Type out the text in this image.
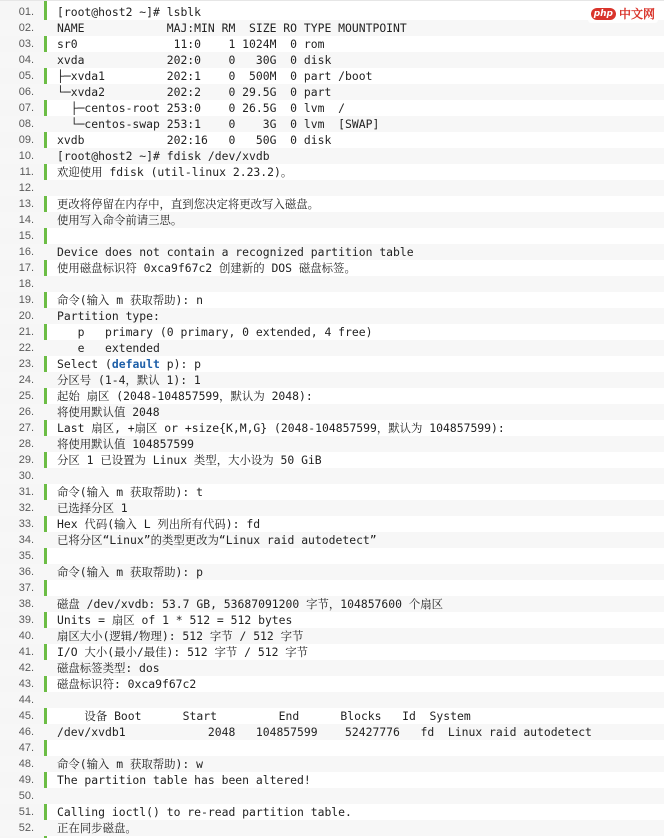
01.	[root@host2 ~]# lsblk
02.	NAME            MAJ:MIN RM  SIZE RO TYPE MOUNTPOINT
03.	sr0              11:0    1 1024M  0 rom
04.	xvda            202:0    0   30G  0 disk
05.	├─xvda1         202:1    0  500M  0 part /boot
06.	└─xvda2         202:2    0 29.5G  0 part
07.	├─centos-root 253:0    0 26.5G  0 lvm  /
08.	└─centos-swap 253:1    0    3G  0 lvm  [SWAP]
09.	xvdb            202:16   0   50G  0 disk
10.	[root@host2 ~]# fdisk /dev/xvdb
11.	欢迎使用 fdisk (util-linux 2.23.2)。
12.
13.	更改将停留在内存中，直到您决定将更改写入磁盘。
14.	使用写入命令前请三思。
15.
16.	Device does not contain a recognized partition table
17.	使用磁盘标识符 0xca9f67c2 创建新的 DOS 磁盘标签。
18.
19.	命令(输入 m 获取帮助): n
20.	Partition type:
21.	p   primary (0 primary, 0 extended, 4 free)
22.	e   extended
23.	Select (default p): p
24.	分区号 (1-4，默认 1): 1
25.	起始 扇区 (2048-104857599，默认为 2048):
26.	将使用默认值 2048
27.	Last 扇区, +扇区 or +size{K,M,G} (2048-104857599，默认为 104857599):
28.	将使用默认值 104857599
29.	分区 1 已设置为 Linux 类型，大小设为 50 GiB
30.
31.	命令(输入 m 获取帮助): t
32.	已选择分区 1
33.	Hex 代码(输入 L 列出所有代码): fd
34.	已将分区“Linux”的类型更改为“Linux raid autodetect”
35.
36.	命令(输入 m 获取帮助): p
37.
38.	磁盘 /dev/xvdb: 53.7 GB, 53687091200 字节，104857600 个扇区
39.	Units = 扇区 of 1 * 512 = 512 bytes
40.	扇区大小(逻辑/物理): 512 字节 / 512 字节
41.	I/O 大小(最小/最佳): 512 字节 / 512 字节
42.	磁盘标签类型: dos
43.	磁盘标识符: 0xca9f67c2
44.
45.	设备 Boot      Start         End      Blocks   Id  System
46.	/dev/xvdb1            2048   104857599    52427776   fd  Linux raid autodetect
47.
48.	命令(输入 m 获取帮助): w
49.	The partition table has been altered!
50.
51.	Calling ioctl() to re-read partition table.
52.	正在同步磁盘。
php 中文网
